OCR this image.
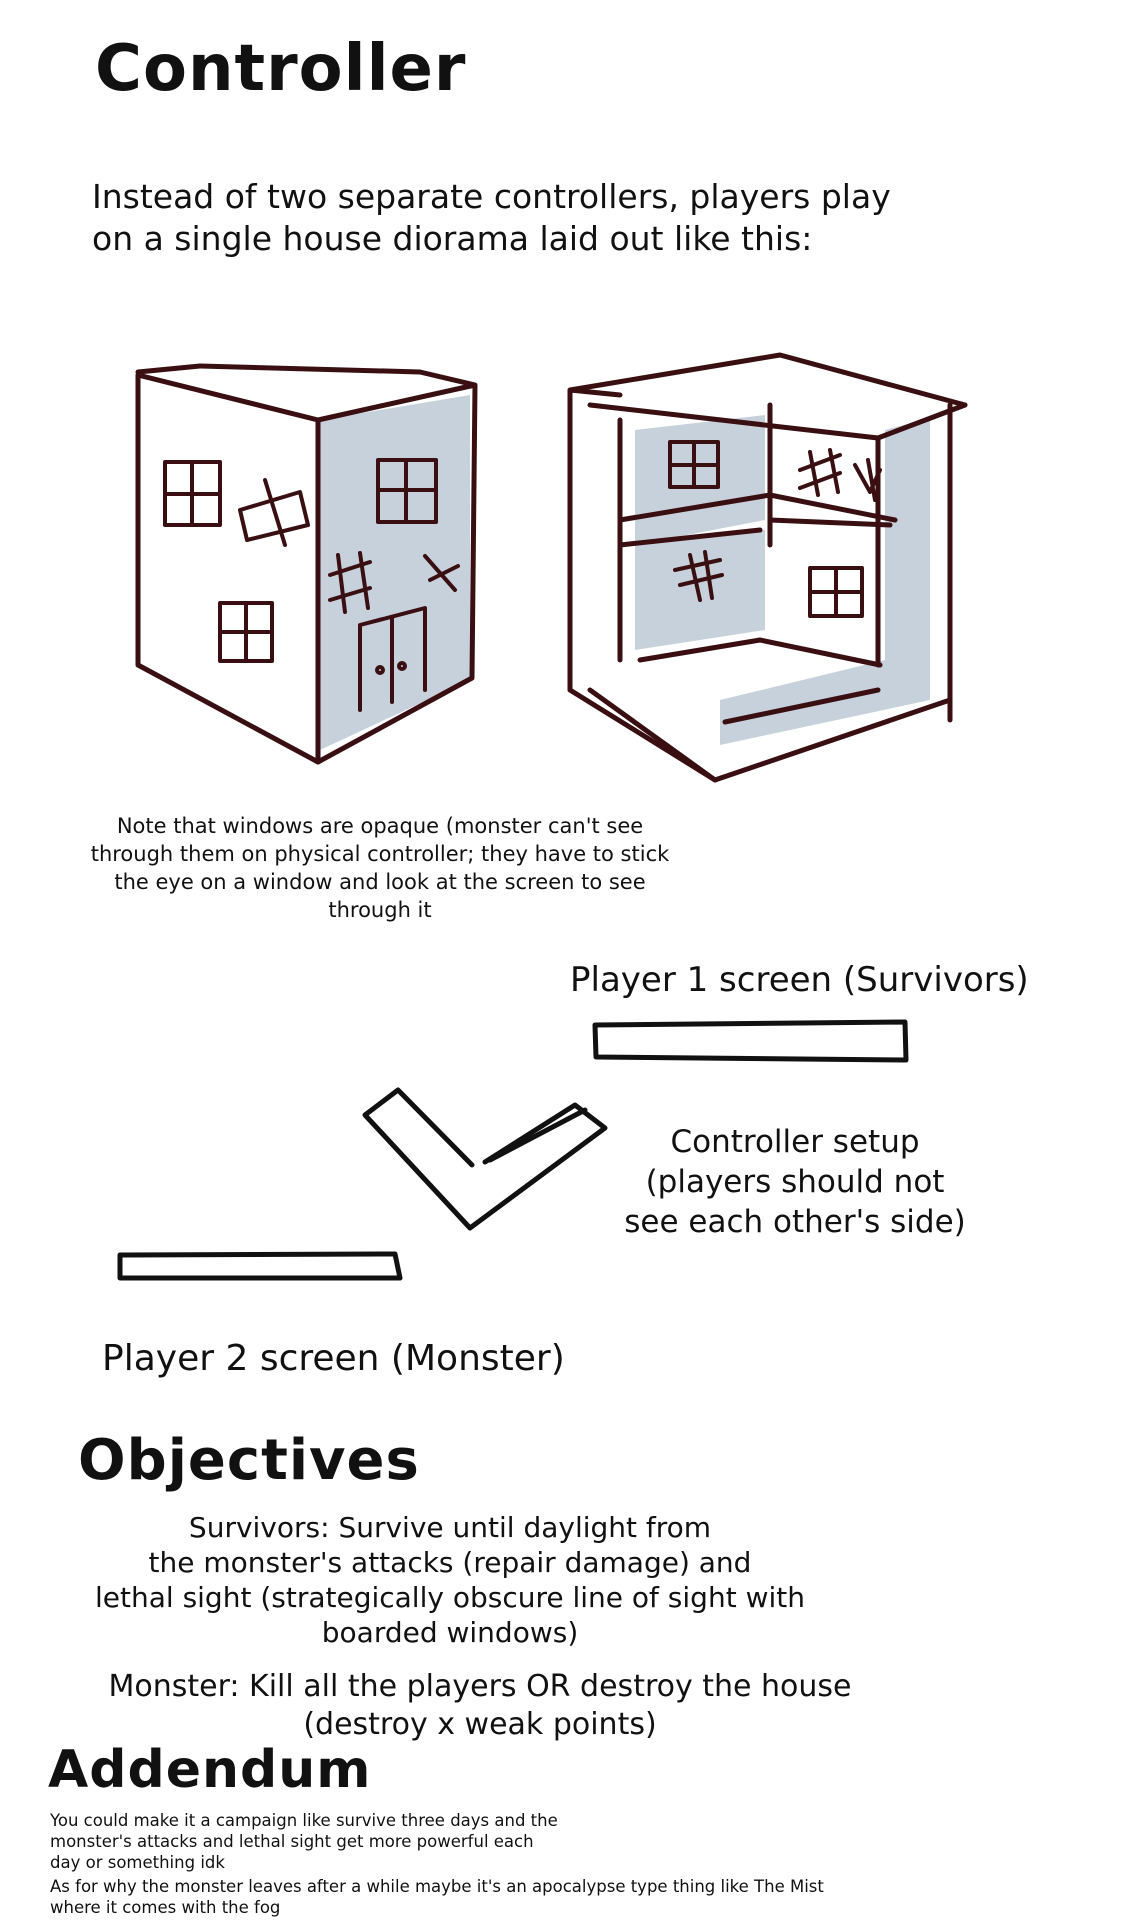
Controller
Instead of two separate controllers, players play
on a single house diorama laid out like this:
Note that windows are opaque (monster can't see
through them on physical controller; they have to stick
the eye on a window and look at the screen to see
through it
Player 1 screen (Survivors)
Controller setup
(players should not
see each other's side)
Player 2 screen (Monster)
Objectives
Survivors: Survive until daylight from
the monster's attacks (repair damage) and
lethal sight (strategically obscure line of sight with
boarded windows)
Monster: Kill all the players OR destroy the house
(destroy x weak points)
Addendum
You could make it a campaign like survive three days and the
monster's attacks and lethal sight get more powerful each
day or something idk
As for why the monster leaves after a while maybe it's an apocalypse type thing like The Mist
where it comes with the fog
